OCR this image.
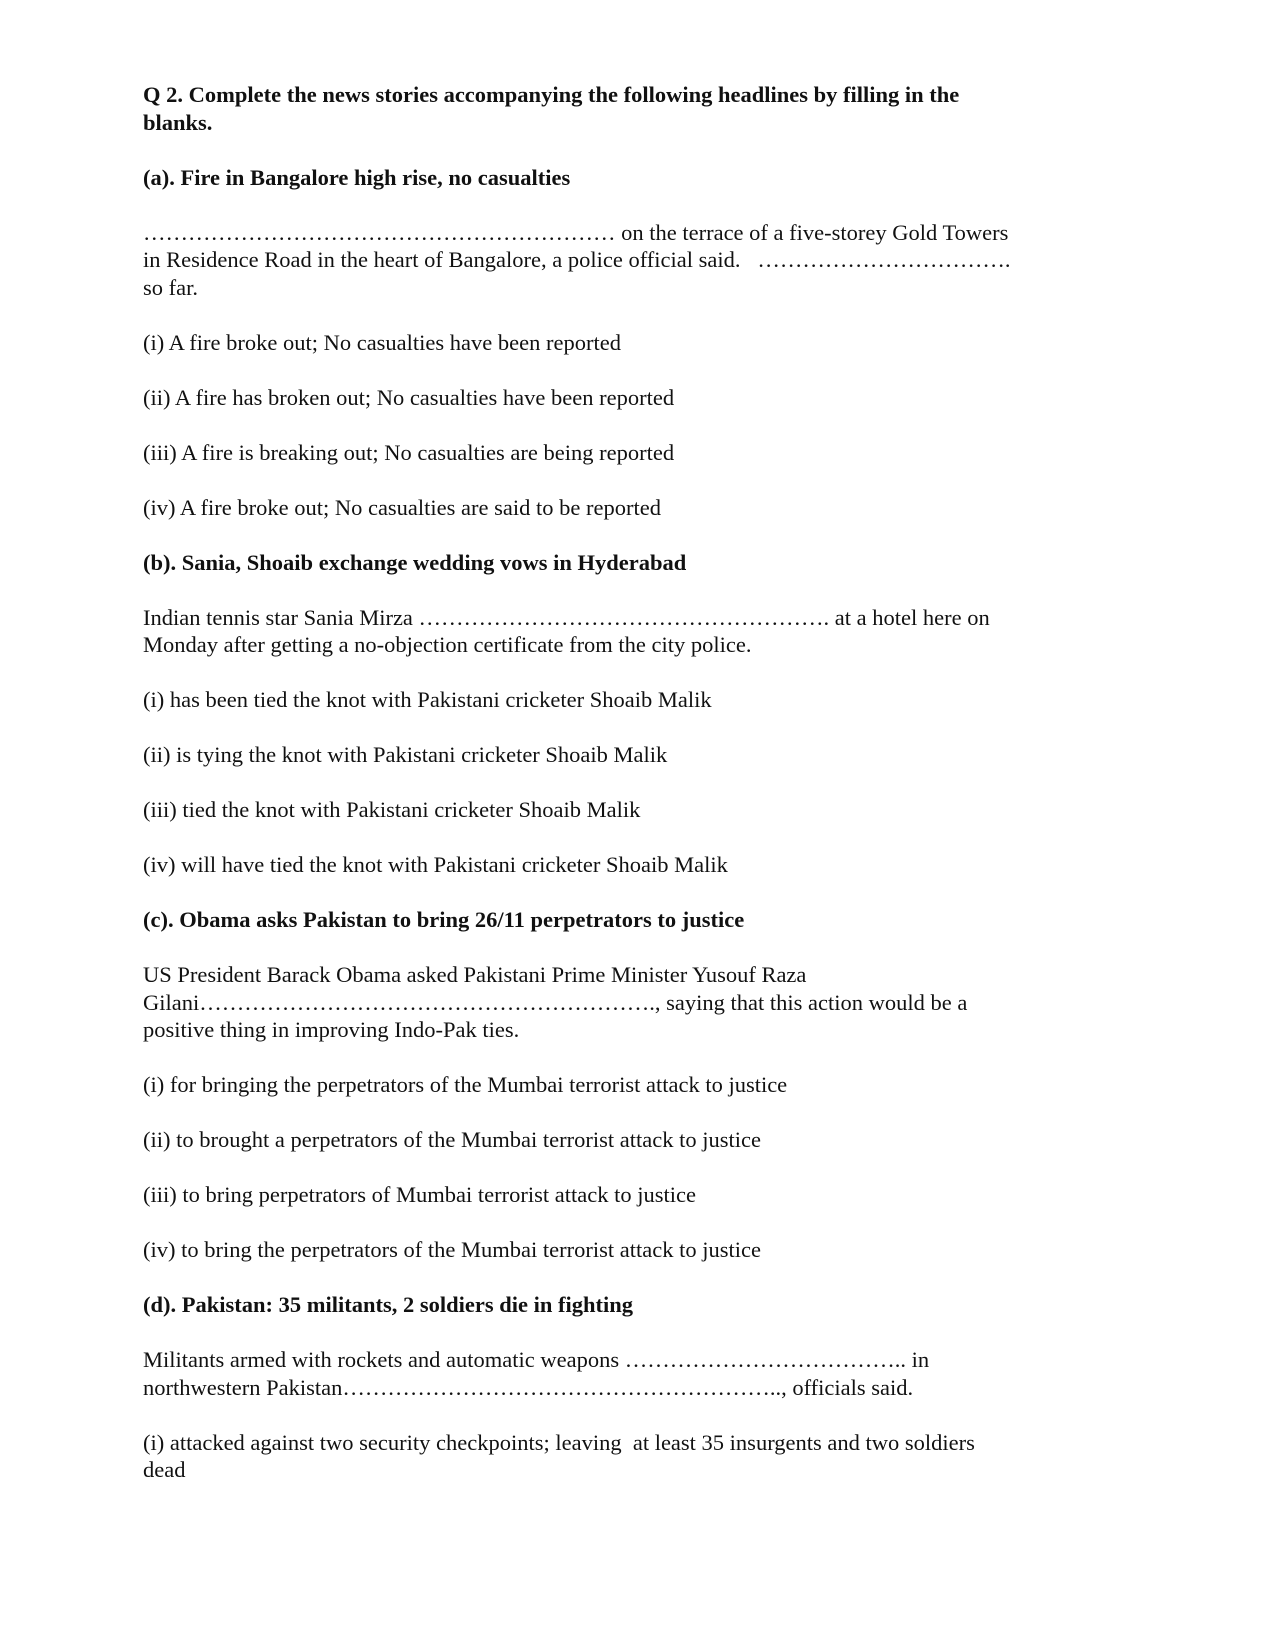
Q 2. Complete the news stories accompanying the following headlines by filling in the
blanks.
(a). Fire in Bangalore high rise, no casualties
……………………………………………………… on the terrace of a five-storey Gold Towers
in Residence Road in the heart of Bangalore, a police official said.   …………………………….
so far.
(i) A fire broke out; No casualties have been reported
(ii) A fire has broken out; No casualties have been reported
(iii) A fire is breaking out; No casualties are being reported
(iv) A fire broke out; No casualties are said to be reported
(b). Sania, Shoaib exchange wedding vows in Hyderabad
Indian tennis star Sania Mirza ………………………………………………. at a hotel here on
Monday after getting a no-objection certificate from the city police.
(i) has been tied the knot with Pakistani cricketer Shoaib Malik
(ii) is tying the knot with Pakistani cricketer Shoaib Malik
(iii) tied the knot with Pakistani cricketer Shoaib Malik
(iv) will have tied the knot with Pakistani cricketer Shoaib Malik
(c). Obama asks Pakistan to bring 26/11 perpetrators to justice
US President Barack Obama asked Pakistani Prime Minister Yusouf Raza
Gilani……………………………………………………., saying that this action would be a
positive thing in improving Indo-Pak ties.
(i) for bringing the perpetrators of the Mumbai terrorist attack to justice
(ii) to brought a perpetrators of the Mumbai terrorist attack to justice
(iii) to bring perpetrators of Mumbai terrorist attack to justice
(iv) to bring the perpetrators of the Mumbai terrorist attack to justice
(d). Pakistan: 35 militants, 2 soldiers die in fighting
Militants armed with rockets and automatic weapons ……………………………….. in
northwestern Pakistan………………………………………………….., officials said.
(i) attacked against two security checkpoints; leaving  at least 35 insurgents and two soldiers
dead
